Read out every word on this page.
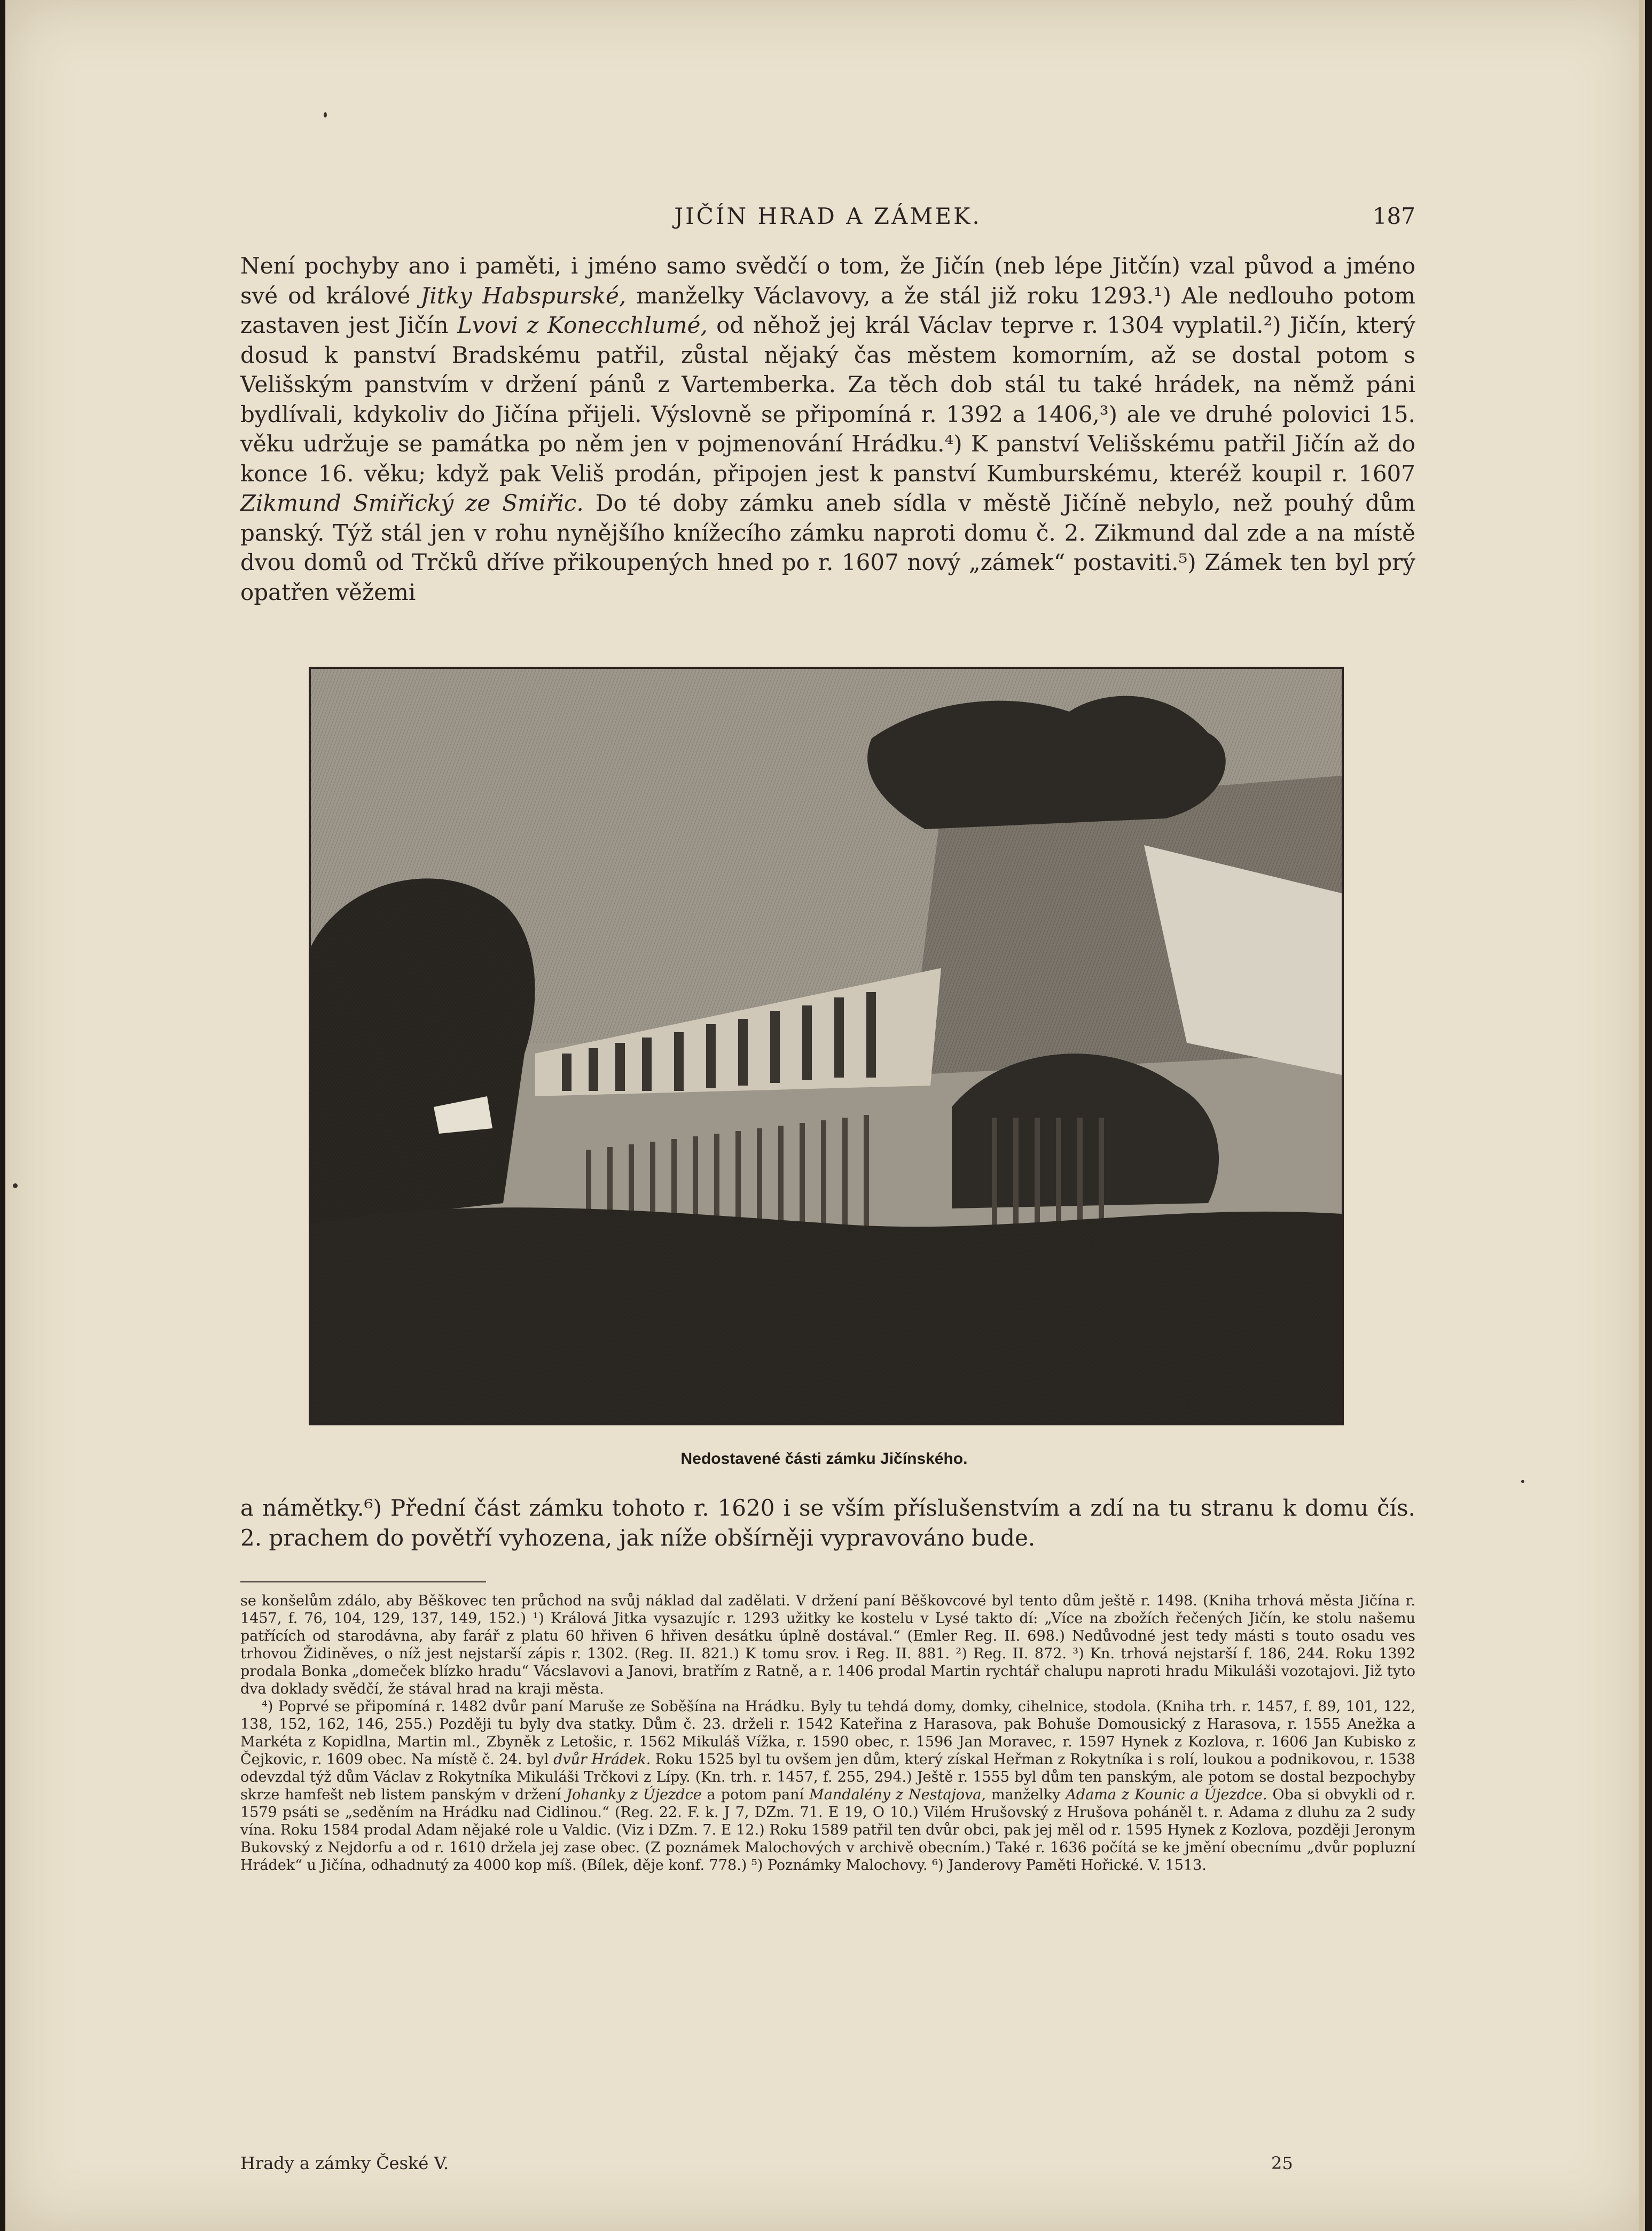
JIČÍN HRAD A ZÁMEK.	187

Není pochyby ano i paměti, i jméno samo svědčí o tom, že Jičín (neb lépe Jitčín) vzal původ a jméno své od králové Jitky Habspurské, manželky Václavovy, a že stál již roku 1293.¹) Ale nedlouho potom zastaven jest Jičín Lvovi z Konecchlumé, od něhož jej král Václav teprve r. 1304 vyplatil.²) Jičín, který dosud k panství Bradskému patřil, zůstal nějaký čas městem komorním, až se dostal potom s Velišským panstvím v držení pánů z Vartemberka. Za těch dob stál tu také hrádek, na němž páni bydlívali, kdykoliv do Jičína přijeli. Výslovně se připomíná r. 1392 a 1406,³) ale ve druhé polovici 15. věku udržuje se památka po něm jen v pojmenování Hrádku.⁴) K panství Velišskému patřil Jičín až do konce 16. věku; když pak Veliš prodán, připojen jest k panství Kumburskému, kteréž koupil r. 1607 Zikmund Smiřický ze Smiřic. Do té doby zámku aneb sídla v městě Jičíně nebylo, než pouhý dům panský. Týž stál jen v rohu nynějšího knížecího zámku naproti domu č. 2. Zikmund dal zde a na místě dvou domů od Trčků dříve přikoupených hned po r. 1607 nový „zámek“ postaviti.⁵) Zámek ten byl prý opatřen věžemi

Nedostavené části zámku Jičínského.

a námětky.⁶) Přední část zámku tohoto r. 1620 i se vším příslušenstvím a zdí na tu stranu k domu čís. 2. prachem do povětří vyhozena, jak níže obšírněji vypravováno bude.

se konšelům zdálo, aby Běškovec ten průchod na svůj náklad dal zadělati. V držení paní Běškovcové byl tento dům ještě r. 1498. (Kniha trhová města Jičína r. 1457, f. 76, 104, 129, 137, 149, 152.) ¹) Králová Jitka vysazujíc r. 1293 užitky ke kostelu v Lysé takto dí: „Více na zbožích řečených Jičín, ke stolu našemu patřících od starodávna, aby farář z platu 60 hřiven 6 hřiven desátku úplně dostával.“ (Emler Reg. II. 698.) Nedůvodné jest tedy másti s touto osadu ves trhovou Židiněves, o níž jest nejstarší zápis r. 1302. (Reg. II. 821.) K tomu srov. i Reg. II. 881. ²) Reg. II. 872. ³) Kn. trhová nejstarší f. 186, 244. Roku 1392 prodala Bonka „domeček blízko hradu“ Vácslavovi a Janovi, bratřím z Ratně, a r. 1406 prodal Martin rychtář chalupu naproti hradu Mikuláši vozotajovi. Již tyto dva doklady svědčí, že stával hrad na kraji města.

⁴) Poprvé se připomíná r. 1482 dvůr paní Maruše ze Soběšína na Hrádku. Byly tu tehdá domy, domky, cihelnice, stodola. (Kniha trh. r. 1457, f. 89, 101, 122, 138, 152, 162, 146, 255.) Později tu byly dva statky. Dům č. 23. drželi r. 1542 Kateřina z Harasova, pak Bohuše Domousický z Harasova, r. 1555 Anežka a Markéta z Kopidlna, Martin ml., Zbyněk z Letošic, r. 1562 Mikuláš Vížka, r. 1590 obec, r. 1596 Jan Moravec, r. 1597 Hynek z Kozlova, r. 1606 Jan Kubisko z Čejkovic, r. 1609 obec. Na místě č. 24. byl dvůr Hrádek. Roku 1525 byl tu ovšem jen dům, který získal Heřman z Rokytníka i s rolí, loukou a podnikovou, r. 1538 odevzdal týž dům Václav z Rokytníka Mikuláši Trčkovi z Lípy. (Kn. trh. r. 1457, f. 255, 294.) Ještě r. 1555 byl dům ten panským, ale potom se dostal bezpochyby skrze hamfešt neb listem panským v držení Johanky z Újezdce a potom paní Mandalény z Nestajova, manželky Adama z Kounic a Újezdce. Oba si obvykli od r. 1579 psáti se „seděním na Hrádku nad Cidlinou.“ (Reg. 22. F. k. J 7, DZm. 71. E 19, O 10.) Vilém Hrušovský z Hrušova poháněl t. r. Adama z dluhu za 2 sudy vína. Roku 1584 prodal Adam nějaké role u Valdic. (Viz i DZm. 7. E 12.) Roku 1589 patřil ten dvůr obci, pak jej měl od r. 1595 Hynek z Kozlova, později Jeronym Bukovský z Nejdorfu a od r. 1610 držela jej zase obec. (Z poznámek Malochových v archivě obecním.) Také r. 1636 počítá se ke jmění obecnímu „dvůr popluzní Hrádek“ u Jičína, odhadnutý za 4000 kop míš. (Bílek, děje konf. 778.) ⁵) Poznámky Malochovy. ⁶) Janderovy Paměti Hořické. V. 1513.

Hrady a zámky České V.	25
